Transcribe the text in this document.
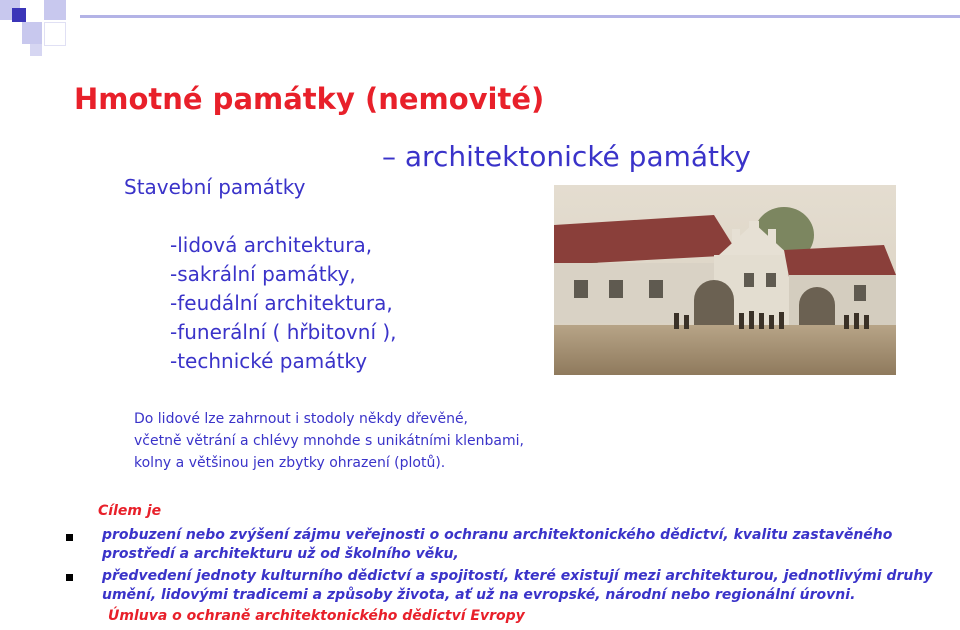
Hmotné památky (nemovité)
– architektonické památky
Stavební památky
-lidová architektura,
-sakrální památky,
-feudální architektura,
-funerální ( hřbitovní ),
-technické památky
Do lidové lze zahrnout i stodoly někdy dřevěné,
včetně větrání a chlévy mnohde s unikátními klenbami,
kolny a většinou jen zbytky ohrazení (plotů).
Cílem je
probuzení nebo zvýšení zájmu veřejnosti o ochranu architektonického dědictví, kvalitu zastavěného
prostředí a architekturu už od školního věku,
předvedení jednoty kulturního dědictví a spojitostí, které existují mezi architekturou, jednotlivými druhy
umění, lidovými tradicemi a způsoby života, ať už na evropské, národní nebo regionální úrovni.
Úmluva o ochraně architektonického dědictví Evropy
